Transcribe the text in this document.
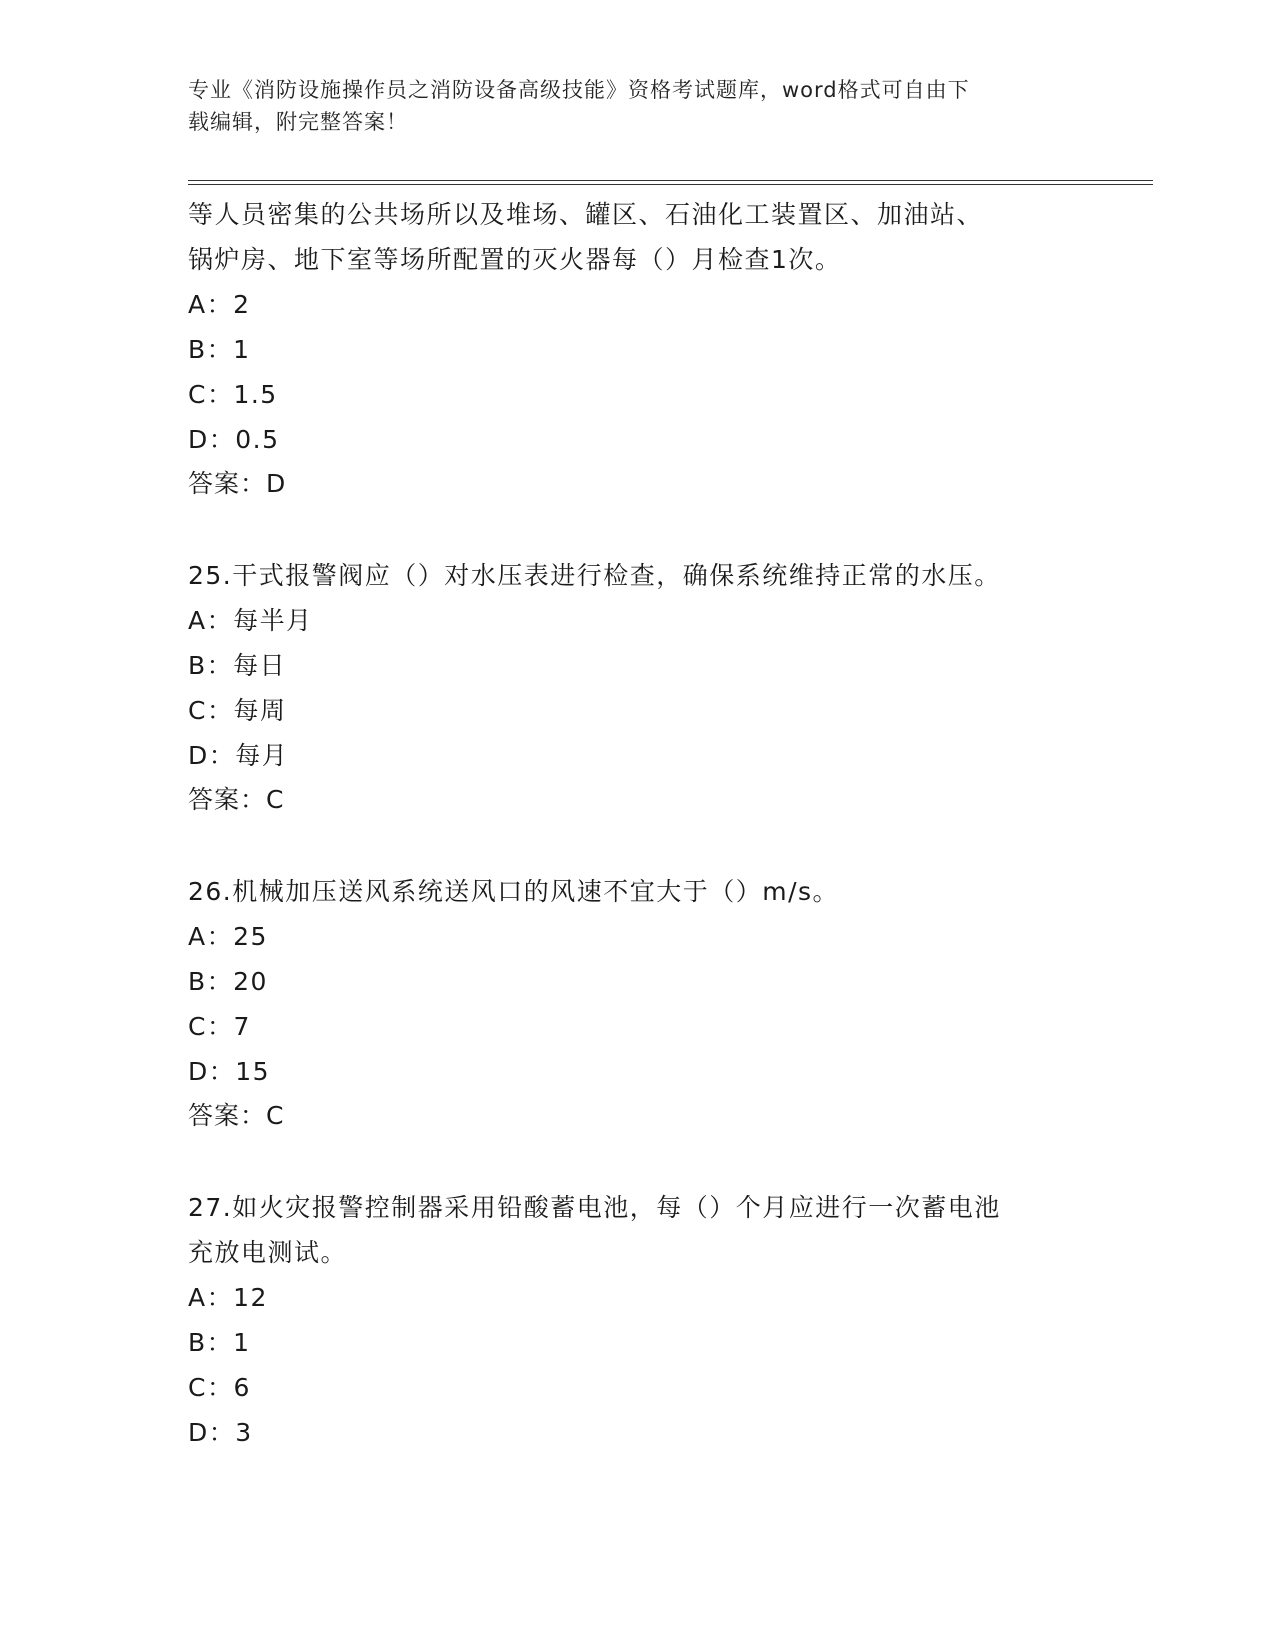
专业《消防设施操作员之消防设备高级技能》资格考试题库，word格式可自由下
载编辑，附完整答案！
等人员密集的公共场所以及堆场、罐区、石油化工装置区、加油站、
锅炉房、地下室等场所配置的灭火器每（）月检查1次。
A：2
B：1
C：1.5
D：0.5
答案：D
25.干式报警阀应（）对水压表进行检查，确保系统维持正常的水压。
A：每半月
B：每日
C：每周
D：每月
答案：C
26.机械加压送风系统送风口的风速不宜大于（）m/s。
A：25
B：20
C：7
D：15
答案：C
27.如火灾报警控制器采用铅酸蓄电池，每（）个月应进行一次蓄电池
充放电测试。
A：12
B：1
C：6
D：3
